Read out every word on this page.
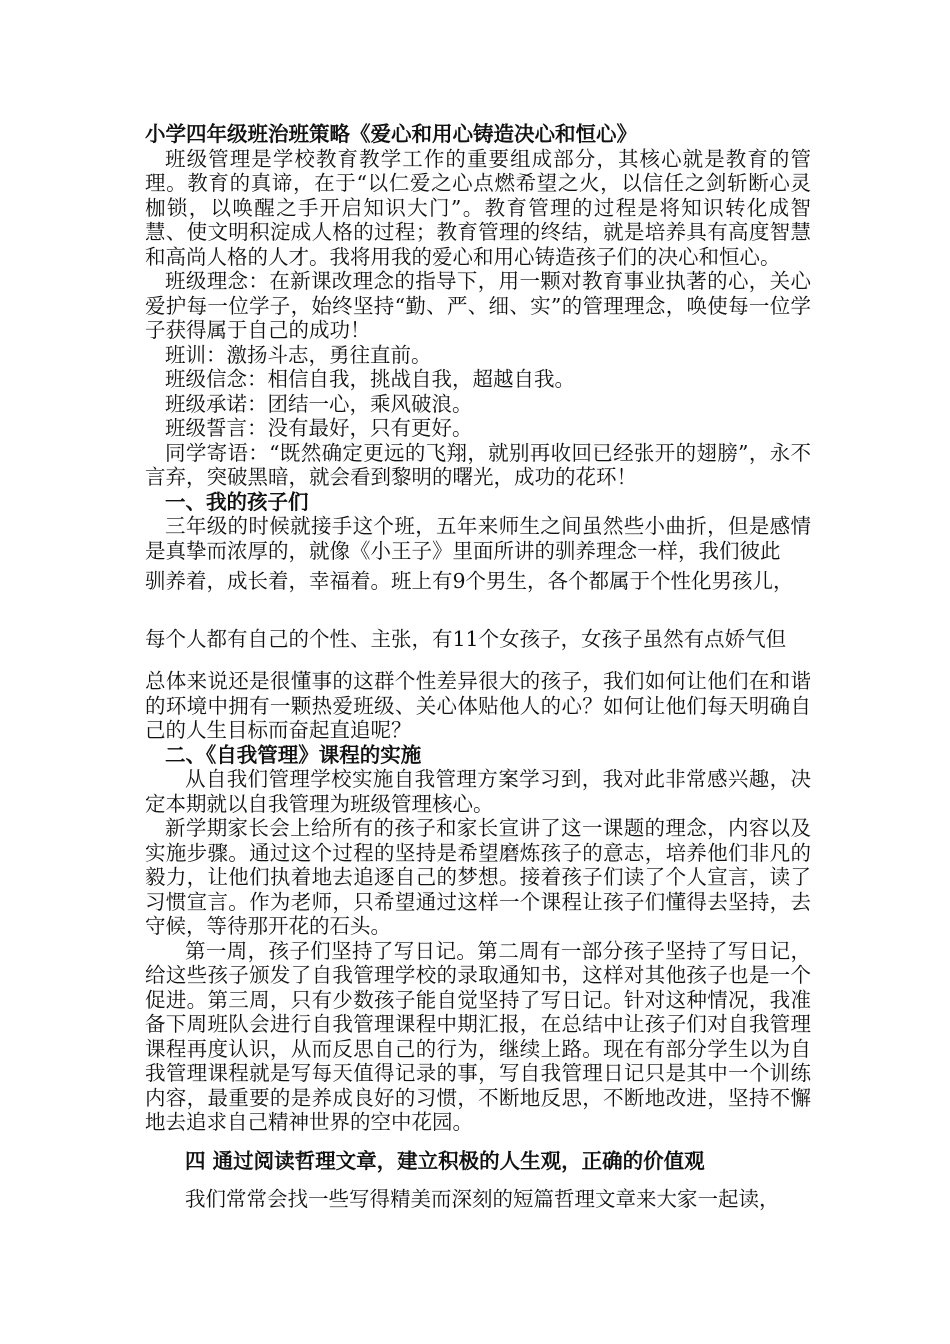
小学四年级班治班策略《爱心和用心铸造决心和恒心》

班级管理是学校教育教学工作的重要组成部分，其核心就是教育的管理。教育的真谛，在于“以仁爱之心点燃希望之火，以信任之剑斩断心灵枷锁，以唤醒之手开启知识大门”。教育管理的过程是将知识转化成智慧、使文明积淀成人格的过程；教育管理的终结，就是培养具有高度智慧和高尚人格的人才。我将用我的爱心和用心铸造孩子们的决心和恒心。

班级理念：在新课改理念的指导下，用一颗对教育事业执著的心，关心爱护每一位学子，始终坚持“勤、严、细、实”的管理理念，唤使每一位学子获得属于自己的成功！

班训：激扬斗志，勇往直前。

班级信念：相信自我，挑战自我，超越自我。

班级承诺：团结一心，乘风破浪。

班级誓言：没有最好，只有更好。

同学寄语：“既然确定更远的飞翔，就别再收回已经张开的翅膀”，永不言弃，突破黑暗，就会看到黎明的曙光，成功的花环！

一、我的孩子们

三年级的时候就接手这个班，五年来师生之间虽然些小曲折，但是感情是真挚而浓厚的，就像《小王子》里面所讲的驯养理念一样，我们彼此

驯养着，成长着，幸福着。班上有9个男生，各个都属于个性化男孩儿，

每个人都有自己的个性、主张，有11个女孩子，女孩子虽然有点娇气但

总体来说还是很懂事的这群个性差异很大的孩子，我们如何让他们在和谐的环境中拥有一颗热爱班级、关心体贴他人的心？如何让他们每天明确自己的人生目标而奋起直追呢？

二、《自我管理》课程的实施

从自我们管理学校实施自我管理方案学习到，我对此非常感兴趣，决定本期就以自我管理为班级管理核心。

新学期家长会上给所有的孩子和家长宣讲了这一课题的理念，内容以及实施步骤。通过这个过程的坚持是希望磨炼孩子的意志，培养他们非凡的毅力，让他们执着地去追逐自己的梦想。接着孩子们读了个人宣言，读了习惯宣言。作为老师，只希望通过这样一个课程让孩子们懂得去坚持，去守候，等待那开花的石头。

第一周，孩子们坚持了写日记。第二周有一部分孩子坚持了写日记，给这些孩子颁发了自我管理学校的录取通知书，这样对其他孩子也是一个促进。第三周，只有少数孩子能自觉坚持了写日记。针对这种情况，我准备下周班队会进行自我管理课程中期汇报，在总结中让孩子们对自我管理课程再度认识，从而反思自己的行为，继续上路。现在有部分学生以为自我管理课程就是写每天值得记录的事，写自我管理日记只是其中一个训练内容，最重要的是养成良好的习惯，不断地反思，不断地改进，坚持不懈地去追求自己精神世界的空中花园。

四 通过阅读哲理文章，建立积极的人生观，正确的价值观

我们常常会找一些写得精美而深刻的短篇哲理文章来大家一起读，
